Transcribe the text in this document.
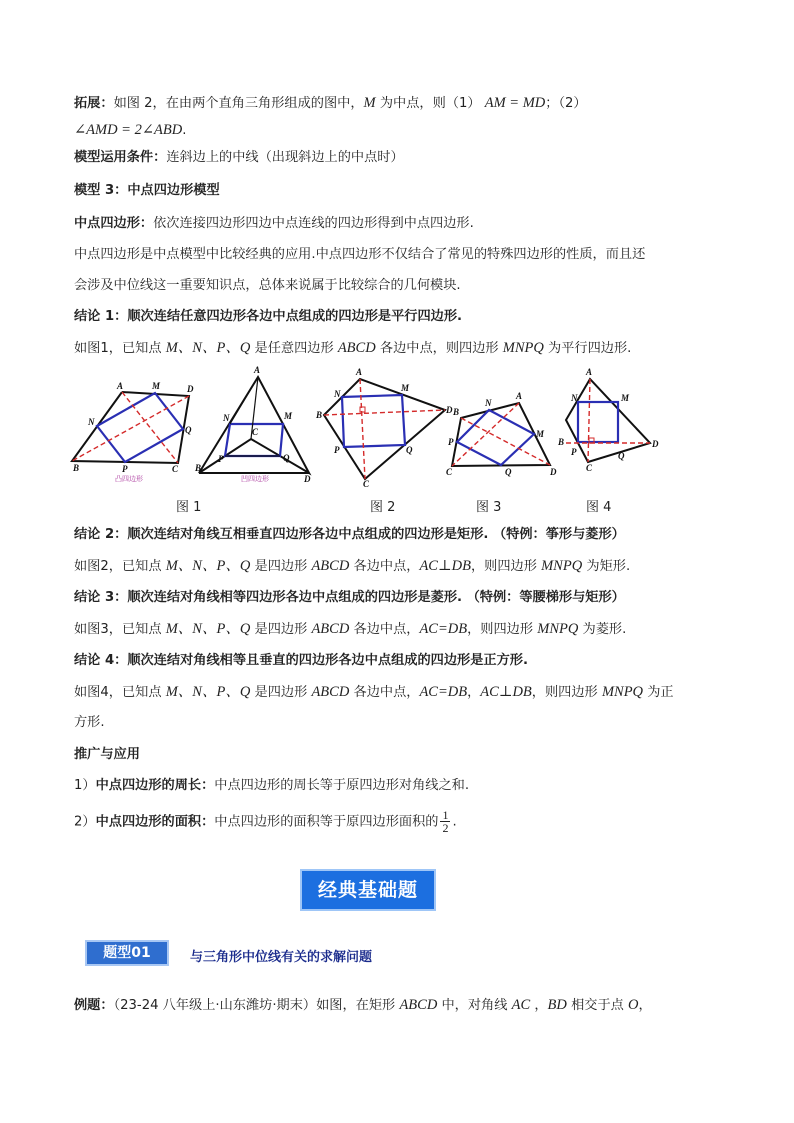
拓展：如图 2，在由两个直角三角形组成的图中，M 为中点，则（1） AM = MD；（2）
∠AMD = 2∠ABD.
模型运用条件：连斜边上的中线（出现斜边上的中点时）
模型 3：中点四边形模型
中点四边形：依次连接四边形四边中点连线的四边形得到中点四边形.
中点四边形是中点模型中比较经典的应用.中点四边形不仅结合了常见的特殊四边形的性质，而且还
会涉及中位线这一重要知识点，总体来说属于比较综合的几何模块.
结论 1：顺次连结任意四边形各边中点组成的四边形是平行四边形.
如图1，已知点 M、N、P、Q 是任意四边形 ABCD 各边中点，则四边形 MNPQ 为平行四边形.
A	M	D
N
Q
B	P	C
凸四边形
A
M
N
C
B
P	Q
D
凹四边形
A
N
M
B	D
P	Q
C
N
A
M
B
P
Q
C	D
A
N	M
B	D
P	Q
C
图 1	图 2	图 3	图 4
结论 2：顺次连结对角线互相垂直四边形各边中点组成的四边形是矩形. （特例：筝形与菱形）
如图2，已知点 M、N、P、Q 是四边形 ABCD 各边中点，AC⊥DB，则四边形 MNPQ 为矩形.
结论 3：顺次连结对角线相等四边形各边中点组成的四边形是菱形. （特例：等腰梯形与矩形）
如图3，已知点 M、N、P、Q 是四边形 ABCD 各边中点，AC=DB，则四边形 MNPQ 为菱形.
结论 4：顺次连结对角线相等且垂直的四边形各边中点组成的四边形是正方形.
如图4，已知点 M、N、P、Q 是四边形 ABCD 各边中点，AC=DB，AC⊥DB，则四边形 MNPQ 为正
方形.
推广与应用
1）中点四边形的周长：中点四边形的周长等于原四边形对角线之和.
2）中点四边形的面积：中点四边形的面积等于原四边形面积的 $\frac{1}{2}$ .
经典基础题
题型01	与三角形中位线有关的求解问题
例题：（23-24 八年级上·山东潍坊·期末）如图，在矩形 ABCD 中，对角线 AC ，BD 相交于点 O，
